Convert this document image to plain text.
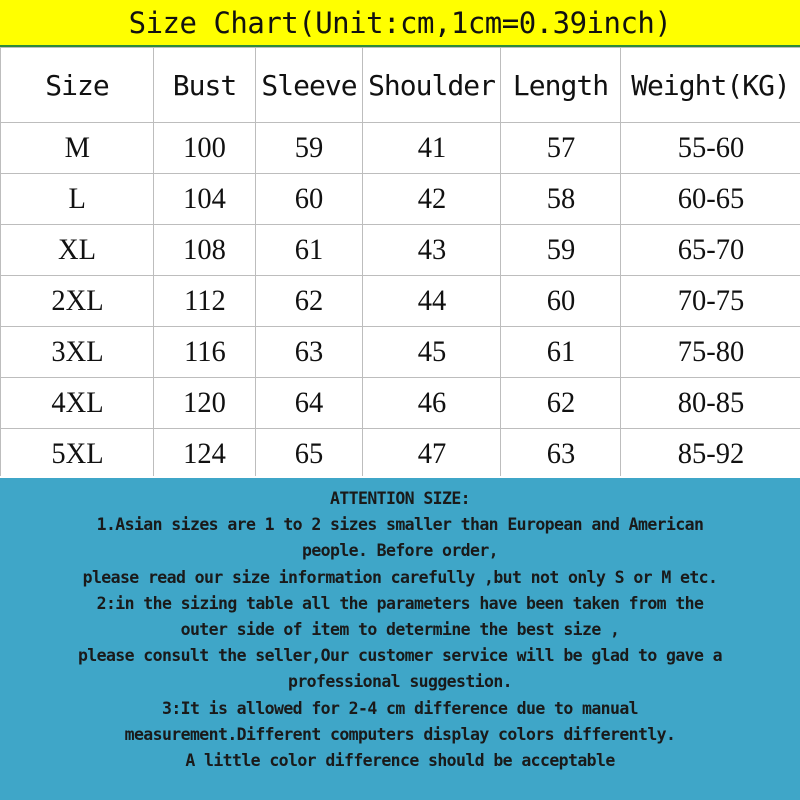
Size Chart(Unit:cm,1cm=0.39inch)
Size	Bust	Sleeve	Shoulder	Length	Weight(KG)
M	100	59	41	57	55-60
L	104	60	42	58	60-65
XL	108	61	43	59	65-70
2XL	112	62	44	60	70-75
3XL	116	63	45	61	75-80
4XL	120	64	46	62	80-85
5XL	124	65	47	63	85-92
ATTENTION SIZE:
1.Asian sizes are 1 to 2 sizes smaller than European and American
people. Before order,
please read our size information carefully ,but not only S or M etc.
2:in the sizing table all the parameters have been taken from the
outer side of item to determine the best size ,
please consult the seller,Our customer service will be glad to gave a
professional suggestion.
3:It is allowed for 2-4 cm difference due to manual
measurement.Different computers display colors differently.
A little color difference should be acceptable
